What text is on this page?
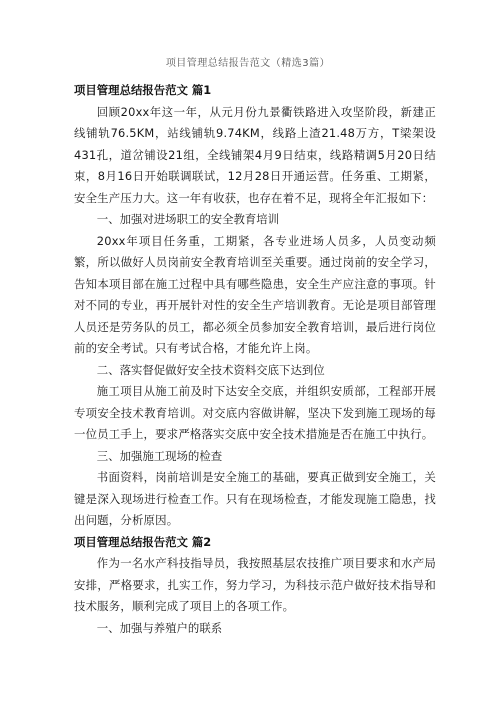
项目管理总结报告范文（精选3篇）

项目管理总结报告范文 篇1

回顾20xx年这一年，从元月份九景衢铁路进入攻坚阶段，新建正线铺轨76.5KM，站线铺轨9.74KM，线路上渣21.48万方，T梁架设431孔，道岔铺设21组，全线铺架4月9日结束，线路精调5月20日结束，8月16日开始联调联试，12月28日开通运营。任务重、工期紧，安全生产压力大。这一年有收获，也存在着不足，现将全年汇报如下：

一、加强对进场职工的安全教育培训

20xx年项目任务重，工期紧，各专业进场人员多，人员变动频繁，所以做好人员岗前安全教育培训至关重要。通过岗前的安全学习，告知本项目部在施工过程中具有哪些隐患，安全生产应注意的事项。针对不同的专业，再开展针对性的安全生产培训教育。无论是项目部管理人员还是劳务队的员工，都必须全员参加安全教育培训，最后进行岗位前的安全考试。只有考试合格，才能允许上岗。

二、落实督促做好安全技术资料交底下达到位

施工项目从施工前及时下达安全交底，并组织安质部，工程部开展专项安全技术教育培训。对交底内容做讲解，坚决下发到施工现场的每一位员工手上，要求严格落实交底中安全技术措施是否在施工中执行。

三、加强施工现场的检查

书面资料，岗前培训是安全施工的基础，要真正做到安全施工，关键是深入现场进行检查工作。只有在现场检查，才能发现施工隐患，找出问题，分析原因。

项目管理总结报告范文 篇2

作为一名水产科技指导员，我按照基层农技推广项目要求和水产局安排，严格要求，扎实工作，努力学习，为科技示范户做好技术指导和技术服务，顺利完成了项目上的各项工作。

一、加强与养殖户的联系
